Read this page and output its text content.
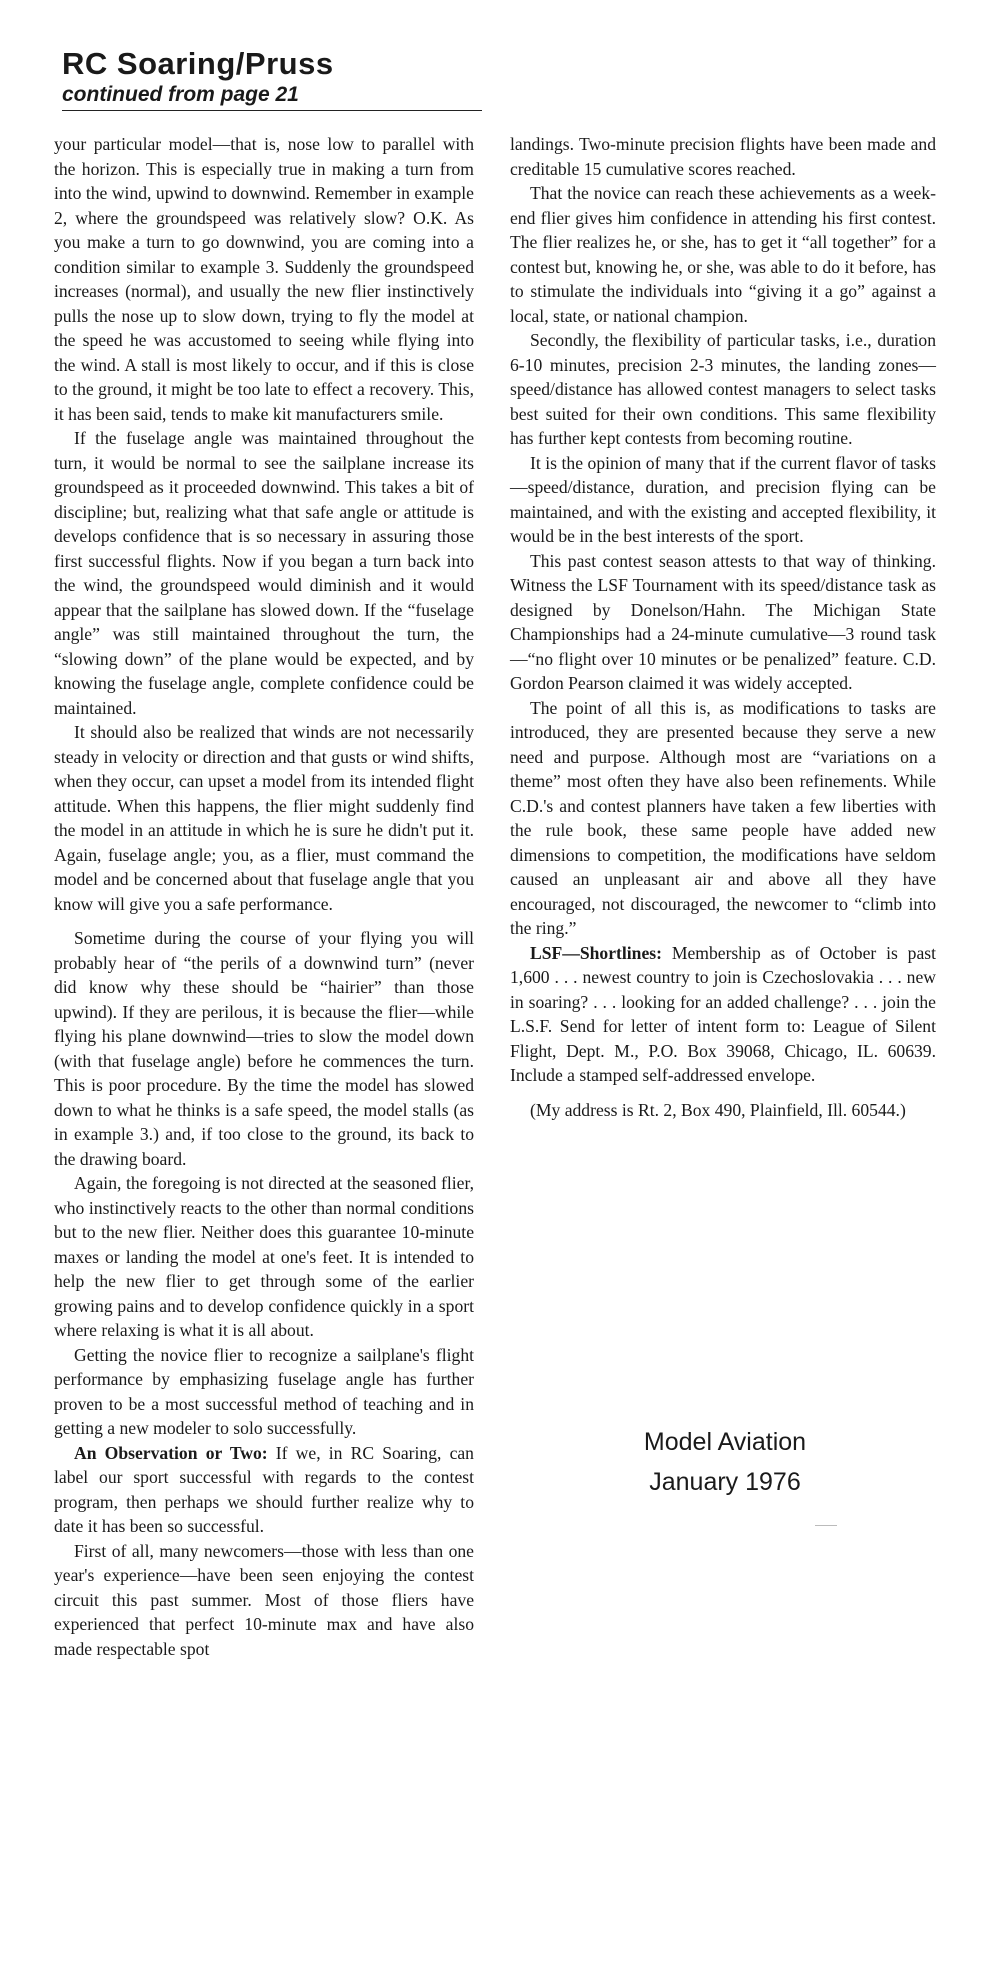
RC Soaring/Pruss
continued from page 21

your particular model—that is, nose low to parallel with the horizon. This is especially true in making a turn from into the wind, upwind to downwind. Remember in example 2, where the groundspeed was relatively slow? O.K. As you make a turn to go downwind, you are coming into a condition similar to example 3. Suddenly the groundspeed increases (normal), and usually the new flier instinctively pulls the nose up to slow down, trying to fly the model at the speed he was accustomed to seeing while flying into the wind. A stall is most likely to occur, and if this is close to the ground, it might be too late to effect a recovery. This, it has been said, tends to make kit manufacturers smile.

If the fuselage angle was maintained throughout the turn, it would be normal to see the sailplane increase its groundspeed as it proceeded downwind. This takes a bit of discipline; but, realizing what that safe angle or attitude is develops confidence that is so necessary in assuring those first successful flights. Now if you began a turn back into the wind, the groundspeed would diminish and it would appear that the sailplane has slowed down. If the “fuselage angle” was still maintained throughout the turn, the “slowing down” of the plane would be expected, and by knowing the fuselage angle, complete confidence could be maintained.

It should also be realized that winds are not necessarily steady in velocity or direction and that gusts or wind shifts, when they occur, can upset a model from its intended flight attitude. When this happens, the flier might suddenly find the model in an attitude in which he is sure he didn't put it. Again, fuselage angle; you, as a flier, must command the model and be concerned about that fuselage angle that you know will give you a safe performance.

Sometime during the course of your flying you will probably hear of “the perils of a downwind turn” (never did know why these should be “hairier” than those upwind). If they are perilous, it is because the flier—while flying his plane downwind—tries to slow the model down (with that fuselage angle) before he commences the turn. This is poor procedure. By the time the model has slowed down to what he thinks is a safe speed, the model stalls (as in example 3.) and, if too close to the ground, its back to the drawing board.

Again, the foregoing is not directed at the seasoned flier, who instinctively reacts to the other than normal conditions but to the new flier. Neither does this guarantee 10-minute maxes or landing the model at one's feet. It is intended to help the new flier to get through some of the earlier growing pains and to develop confidence quickly in a sport where relaxing is what it is all about.

Getting the novice flier to recognize a sailplane's flight performance by emphasizing fuselage angle has further proven to be a most successful method of teaching and in getting a new modeler to solo successfully.

An Observation or Two: If we, in RC Soaring, can label our sport successful with regards to the contest program, then perhaps we should further realize why to date it has been so successful.

First of all, many newcomers—those with less than one year's experience—have been seen enjoying the contest circuit this past summer. Most of those fliers have experienced that perfect 10-minute max and have also made respectable spot

landings. Two-minute precision flights have been made and creditable 15 cumulative scores reached.

That the novice can reach these achievements as a week-end flier gives him confidence in attending his first contest. The flier realizes he, or she, has to get it “all together” for a contest but, knowing he, or she, was able to do it before, has to stimulate the individuals into “giving it a go” against a local, state, or national champion.

Secondly, the flexibility of particular tasks, i.e., duration 6-10 minutes, precision 2-3 minutes, the landing zones—speed/distance has allowed contest managers to select tasks best suited for their own conditions. This same flexibility has further kept contests from becoming routine.

It is the opinion of many that if the current flavor of tasks—speed/distance, duration, and precision flying can be maintained, and with the existing and accepted flexibility, it would be in the best interests of the sport.

This past contest season attests to that way of thinking. Witness the LSF Tournament with its speed/distance task as designed by Donelson/Hahn. The Michigan State Championships had a 24-minute cumulative—3 round task—“no flight over 10 minutes or be penalized” feature. C.D. Gordon Pearson claimed it was widely accepted.

The point of all this is, as modifications to tasks are introduced, they are presented because they serve a new need and purpose. Although most are “variations on a theme” most often they have also been refinements. While C.D.'s and contest planners have taken a few liberties with the rule book, these same people have added new dimensions to competition, the modifications have seldom caused an unpleasant air and above all they have encouraged, not discouraged, the newcomer to “climb into the ring.”

LSF—Shortlines: Membership as of October is past 1,600 . . . newest country to join is Czechoslovakia . . . new in soaring? . . . looking for an added challenge? . . . join the L.S.F. Send for letter of intent form to: League of Silent Flight, Dept. M., P.O. Box 39068, Chicago, IL. 60639. Include a stamped self-addressed envelope.

(My address is Rt. 2, Box 490, Plainfield, Ill. 60544.)

Model Aviation
January 1976
